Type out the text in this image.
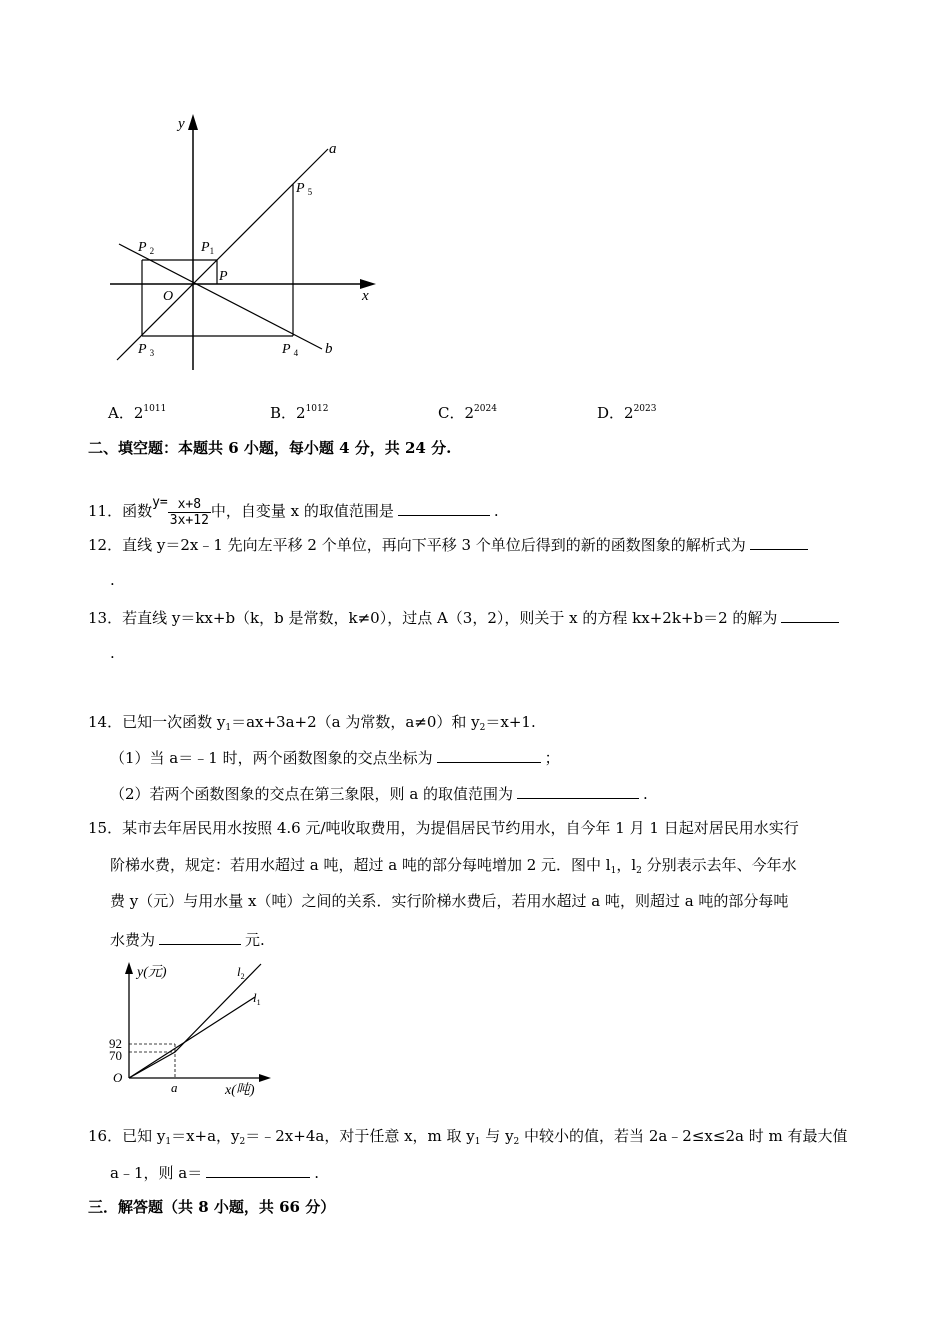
y
x
O
a
b
P
$P_1$
P $_2$
P $_3$	P $_4$
P $_5$
A．$2^{1011}$	B．$2^{1012}$	C．$2^{2024}$	D．$2^{2023}$
二、填空题：本题共 6 小题，每小题 4 分，共 24 分.
11．函数$y= \frac{x+8}{3x+12}$ 中，自变量 x 的取值范围是	.
12．直线 y＝2x﹣1 先向左平移 2 个单位，再向下平移 3 个单位后得到的新的函数图象的解析式为
.
13．若直线 y＝kx+b（k，b 是常数，k≠0），过点 A（3，2），则关于 x 的方程 kx+2k+b＝2 的解为
.
14．已知一次函数 $y_1=ax+3a+2(a$ 为常数，a≠0）和 $y_2=x+1$.
（1）当 a＝﹣1 时，两个函数图象的交点坐标为	；
（2）若两个函数图象的交点在第三象限，则 a 的取值范围为	.
15．某市去年居民用水按照 4.6 元/吨收取费用，为提倡居民节约用水，自今年 1 月 1 日起对居民用水实行
阶梯水费，规定：若用水超过 a 吨，超过 a 吨的部分每吨增加 2 元．图中 $l_1$，$l_2$ 分别表示去年、今年水
费 y（元）与用水量 x（吨）之间的关系．实行阶梯水费后，若用水超过 a 吨，则超过 a 吨的部分每吨
水费为	元.
y(元)
x(吨)
O
a
92
70
$l_2$
$l_1$
16．已知 $y_1=x+a$，$y_2=﹣2x+4a$，对于任意 x，m 取 $y_1$ 与 $y_2$ 中较小的值，若当 2a﹣2≤x≤2a 时 m 有最大值
a﹣1，则 a＝	.
三．解答题（共 8 小题，共 66 分）
